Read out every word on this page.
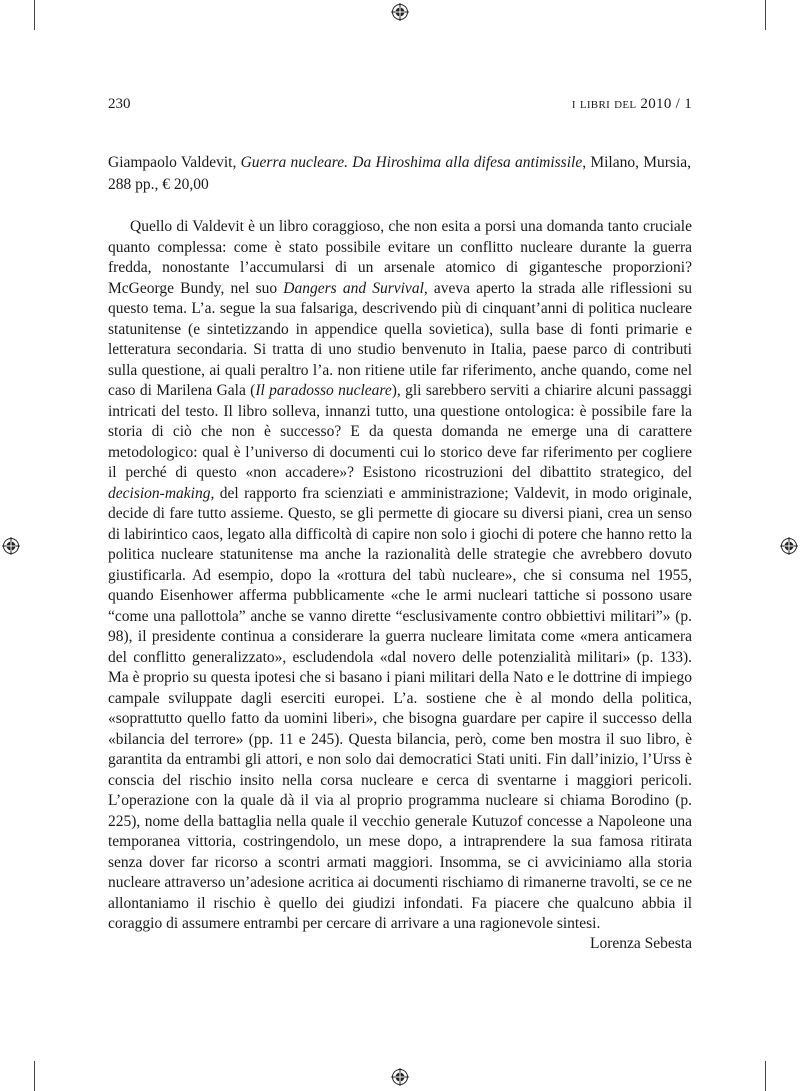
230	i libri del 2010 / 1
Giampaolo Valdevit, Guerra nucleare. Da Hiroshima alla difesa antimissile, Milano, Mursia, 288 pp., € 20,00

Quello di Valdevit è un libro coraggioso, che non esita a porsi una domanda tanto cruciale quanto complessa: come è stato possibile evitare un conflitto nucleare durante la guerra fredda, nonostante l’accumularsi di un arsenale atomico di gigantesche proporzioni? McGeorge Bundy, nel suo Dangers and Survival, aveva aperto la strada alle riflessioni su questo tema. L’a. segue la sua falsariga, descrivendo più di cinquant’anni di politica nucleare statunitense (e sintetizzando in appendice quella sovietica), sulla base di fonti primarie e letteratura secondaria. Si tratta di uno studio benvenuto in Italia, paese parco di contributi sulla questione, ai quali peraltro l’a. non ritiene utile far riferimento, anche quando, come nel caso di Marilena Gala (Il paradosso nucleare), gli sarebbero serviti a chiarire alcuni passaggi intricati del testo. Il libro solleva, innanzi tutto, una questione ontologica: è possibile fare la storia di ciò che non è successo? E da questa domanda ne emerge una di carattere metodologico: qual è l’universo di documenti cui lo storico deve far riferimento per cogliere il perché di questo «non accadere»? Esistono ricostruzioni del dibattito strategico, del decision-making, del rapporto fra scienziati e amministrazione; Valdevit, in modo originale, decide di fare tutto assieme. Questo, se gli permette di giocare su diversi piani, crea un senso di labirintico caos, legato alla difficoltà di capire non solo i giochi di potere che hanno retto la politica nucleare statunitense ma anche la razionalità delle strategie che avrebbero dovuto giustificarla. Ad esempio, dopo la «rottura del tabù nucleare», che si consuma nel 1955, quando Eisenhower afferma pubblicamente «che le armi nucleari tattiche si possono usare “come una pallottola” anche se vanno dirette “esclusivamente contro obbiettivi militari”» (p. 98), il presidente continua a considerare la guerra nucleare limitata come «mera anticamera del conflitto generalizzato», escludendola «dal novero delle potenzialità militari» (p. 133). Ma è proprio su questa ipotesi che si basano i piani militari della Nato e le dottrine di impiego campale sviluppate dagli eserciti europei. L’a. sostiene che è al mondo della politica, «soprattutto quello fatto da uomini liberi», che bisogna guardare per capire il successo della «bilancia del terrore» (pp. 11 e 245). Questa bilancia, però, come ben mostra il suo libro, è garantita da entrambi gli attori, e non solo dai democratici Stati uniti. Fin dall’inizio, l’Urss è conscia del rischio insito nella corsa nucleare e cerca di sventarne i maggiori pericoli. L’operazione con la quale dà il via al proprio programma nucleare si chiama Borodino (p. 225), nome della battaglia nella quale il vecchio generale Kutuzof concesse a Napoleone una temporanea vittoria, costringendolo, un mese dopo, a intraprendere la sua famosa ritirata senza dover far ricorso a scontri armati maggiori. Insomma, se ci avviciniamo alla storia nucleare attraverso un’adesione acritica ai documenti rischiamo di rimanerne travolti, se ce ne allontaniamo il rischio è quello dei giudizi infondati. Fa piacere che qualcuno abbia il coraggio di assumere entrambi per cercare di arrivare a una ragionevole sintesi.

Lorenza Sebesta
